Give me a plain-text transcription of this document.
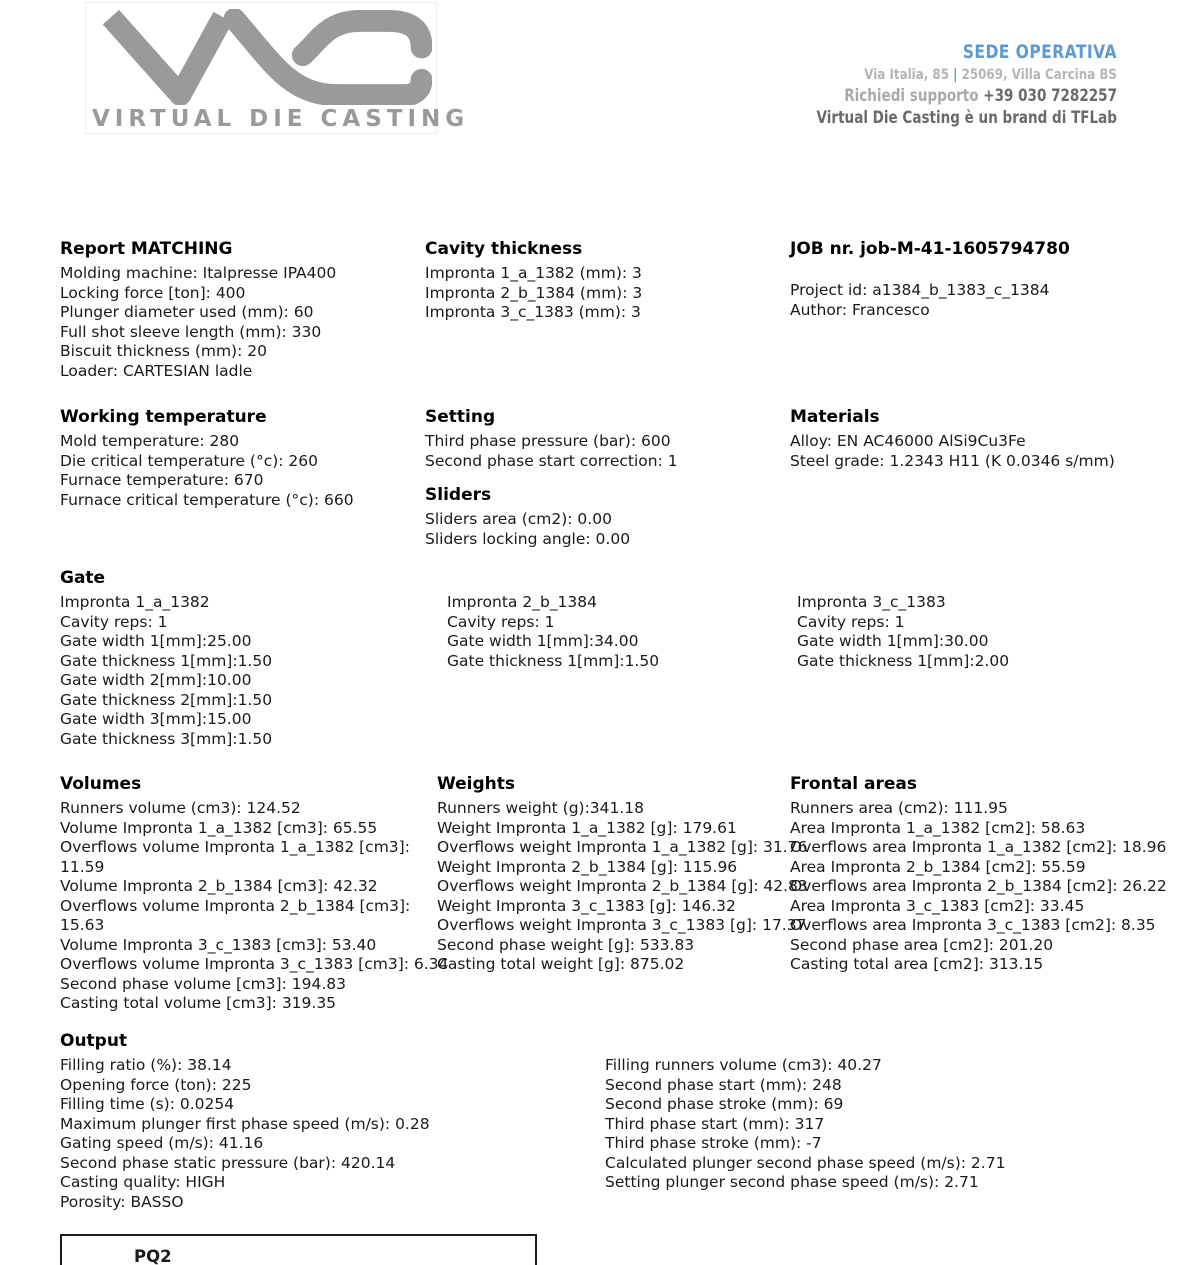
VIRTUAL DIE CASTING
SEDE OPERATIVA
Via Italia, 85 | 25069, Villa Carcina BS
Richiedi supporto +39 030 7282257
Virtual Die Casting è un brand di TFLab
Report MATCHING
Molding machine: Italpresse IPA400
Locking force [ton]: 400
Plunger diameter used (mm): 60
Full shot sleeve length (mm): 330
Biscuit thickness (mm): 20
Loader: CARTESIAN ladle
Cavity thickness
Impronta 1_a_1382 (mm): 3
Impronta 2_b_1384 (mm): 3
Impronta 3_c_1383 (mm): 3
JOB nr. job-M-41-1605794780
Project id: a1384_b_1383_c_1384
Author: Francesco
Working temperature
Mold temperature: 280
Die critical temperature (°c): 260
Furnace temperature: 670
Furnace critical temperature (°c): 660
Setting
Third phase pressure (bar): 600
Second phase start correction: 1
Sliders
Sliders area (cm2): 0.00
Sliders locking angle: 0.00
Materials
Alloy: EN AC46000 AlSi9Cu3Fe
Steel grade: 1.2343 H11 (K 0.0346 s/mm)
Gate
Impronta 1_a_1382
Cavity reps: 1
Gate width 1[mm]:25.00
Gate thickness 1[mm]:1.50
Gate width 2[mm]:10.00
Gate thickness 2[mm]:1.50
Gate width 3[mm]:15.00
Gate thickness 3[mm]:1.50
Impronta 2_b_1384
Cavity reps: 1
Gate width 1[mm]:34.00
Gate thickness 1[mm]:1.50
Impronta 3_c_1383
Cavity reps: 1
Gate width 1[mm]:30.00
Gate thickness 1[mm]:2.00
Volumes
Runners volume (cm3): 124.52
Volume Impronta 1_a_1382 [cm3]: 65.55
Overflows volume Impronta 1_a_1382 [cm3]:
11.59
Volume Impronta 2_b_1384 [cm3]: 42.32
Overflows volume Impronta 2_b_1384 [cm3]:
15.63
Volume Impronta 3_c_1383 [cm3]: 53.40
Overflows volume Impronta 3_c_1383 [cm3]: 6.34
Second phase volume [cm3]: 194.83
Casting total volume [cm3]: 319.35
Weights
Runners weight (g):341.18
Weight Impronta 1_a_1382 [g]: 179.61
Overflows weight Impronta 1_a_1382 [g]: 31.76
Weight Impronta 2_b_1384 [g]: 115.96
Overflows weight Impronta 2_b_1384 [g]: 42.83
Weight Impronta 3_c_1383 [g]: 146.32
Overflows weight Impronta 3_c_1383 [g]: 17.37
Second phase weight [g]: 533.83
Casting total weight [g]: 875.02
Frontal areas
Runners area (cm2): 111.95
Area Impronta 1_a_1382 [cm2]: 58.63
Overflows area Impronta 1_a_1382 [cm2]: 18.96
Area Impronta 2_b_1384 [cm2]: 55.59
Overflows area Impronta 2_b_1384 [cm2]: 26.22
Area Impronta 3_c_1383 [cm2]: 33.45
Overflows area Impronta 3_c_1383 [cm2]: 8.35
Second phase area [cm2]: 201.20
Casting total area [cm2]: 313.15
Output
Filling ratio (%): 38.14
Opening force (ton): 225
Filling time (s): 0.0254
Maximum plunger first phase speed (m/s): 0.28
Gating speed (m/s): 41.16
Second phase static pressure (bar): 420.14
Casting quality: HIGH
Porosity: BASSO
Filling runners volume (cm3): 40.27
Second phase start (mm): 248
Second phase stroke (mm): 69
Third phase start (mm): 317
Third phase stroke (mm): -7
Calculated plunger second phase speed (m/s): 2.71
Setting plunger second phase speed (m/s): 2.71
PQ2
